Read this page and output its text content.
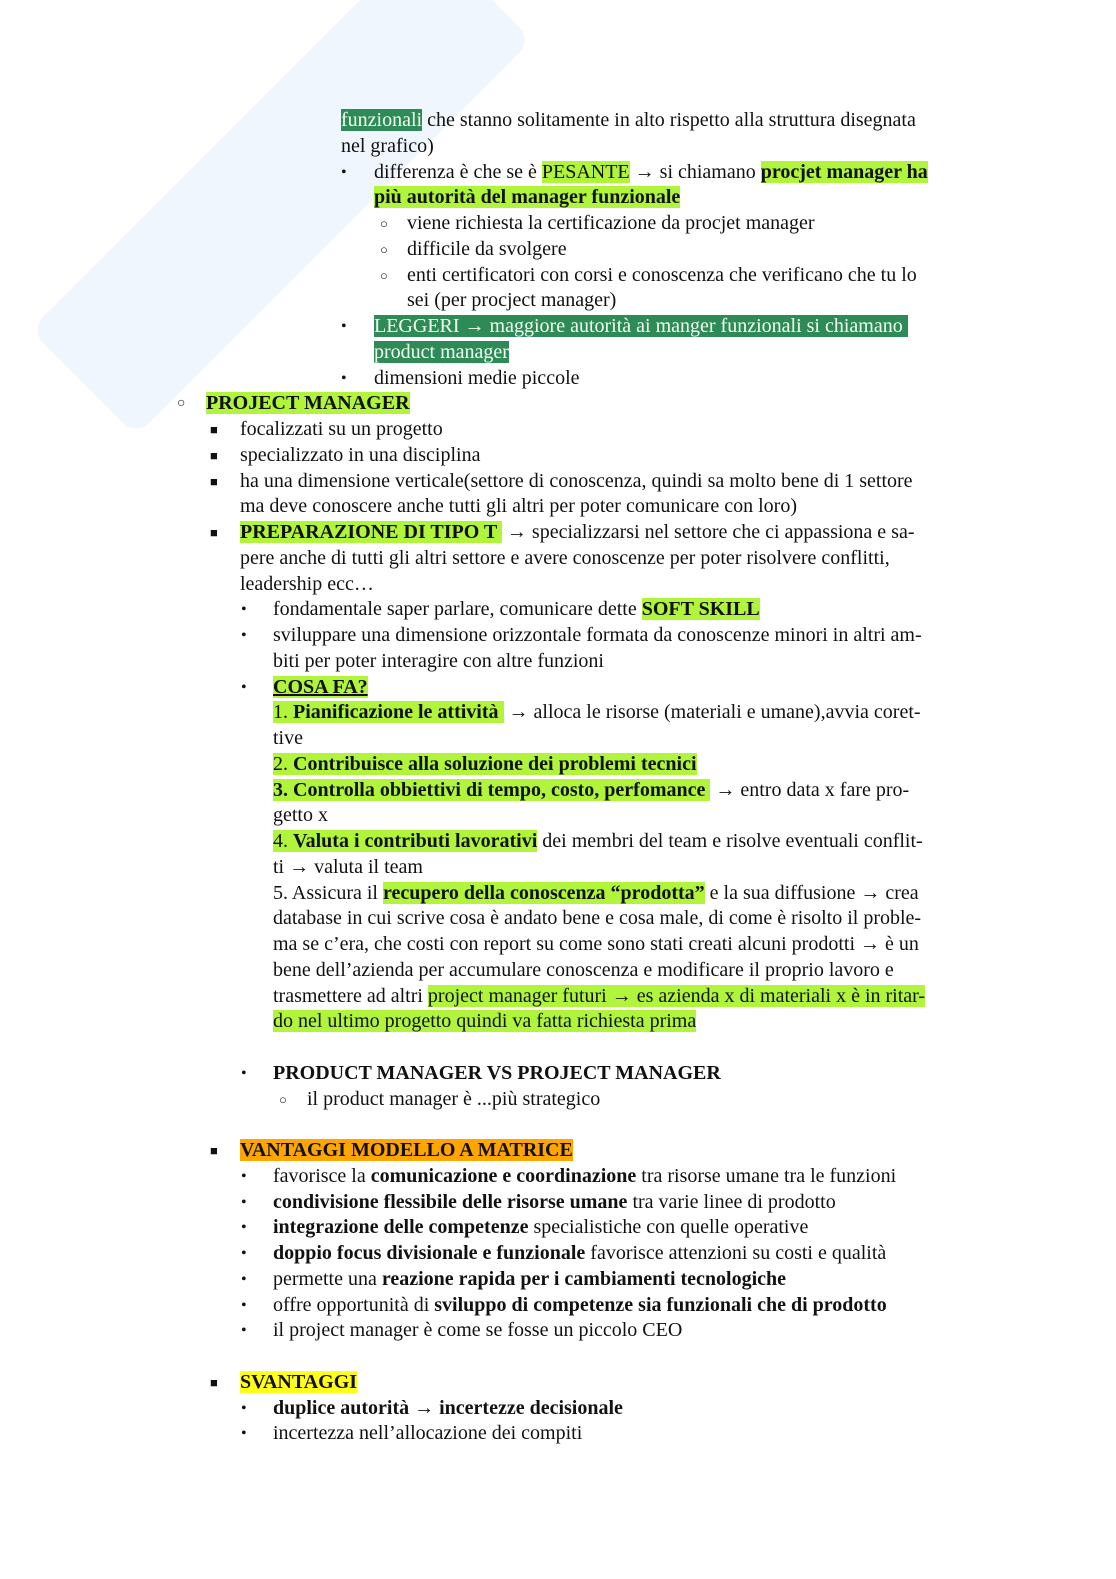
funzionali che stanno solitamente in alto rispetto alla struttura disegnata
nel grafico)
• differenza è che se è PESANTE → si chiamano procjet manager ha
più autorità del manager funzionale
○ viene richiesta la certificazione da procjet manager
○ difficile da svolgere
○ enti certificatori con corsi e conoscenza che verificano che tu lo
sei (per procject manager)
• LEGGERI → maggiore autorità ai manger funzionali si chiamano
product manager
• dimensioni medie piccole
○ PROJECT MANAGER
■ focalizzati su un progetto
■ specializzato in una disciplina
■ ha una dimensione verticale(settore di conoscenza, quindi sa molto bene di 1 settore
ma deve conoscere anche tutti gli altri per poter comunicare con loro)
■ PREPARAZIONE DI TIPO T  → specializzarsi nel settore che ci appassiona e sa-
pere anche di tutti gli altri settore e avere conoscenze per poter risolvere conflitti,
leadership ecc…
• fondamentale saper parlare, comunicare dette SOFT SKILL
• sviluppare una dimensione orizzontale formata da conoscenze minori in altri am-
biti per poter interagire con altre funzioni
• COSA FA?
1. Pianificazione le attività  → alloca le risorse (materiali e umane),avvia coret-
tive
2. Contribuisce alla soluzione dei problemi tecnici
3. Controlla obbiettivi di tempo, costo, perfomance  → entro data x fare pro-
getto x
4. Valuta i contributi lavorativi dei membri del team e risolve eventuali conflit-
ti → valuta il team
5. Assicura il recupero della conoscenza “prodotta” e la sua diffusione → crea
database in cui scrive cosa è andato bene e cosa male, di come è risolto il proble-
ma se c’era, che costi con report su come sono stati creati alcuni prodotti → è un
bene dell’azienda per accumulare conoscenza e modificare il proprio lavoro e
trasmettere ad altri project manager futuri → es azienda x di materiali x è in ritar-
do nel ultimo progetto quindi va fatta richiesta prima
• PRODUCT MANAGER VS PROJECT MANAGER
○ il product manager è ...più strategico
■ VANTAGGI MODELLO A MATRICE
• favorisce la comunicazione e coordinazione tra risorse umane tra le funzioni
• condivisione flessibile delle risorse umane tra varie linee di prodotto
• integrazione delle competenze specialistiche con quelle operative
• doppio focus divisionale e funzionale favorisce attenzioni su costi e qualità
• permette una reazione rapida per i cambiamenti tecnologiche
• offre opportunità di sviluppo di competenze sia funzionali che di prodotto
• il project manager è come se fosse un piccolo CEO
■ SVANTAGGI
• duplice autorità → incertezze decisionale
• incertezza nell’allocazione dei compiti
